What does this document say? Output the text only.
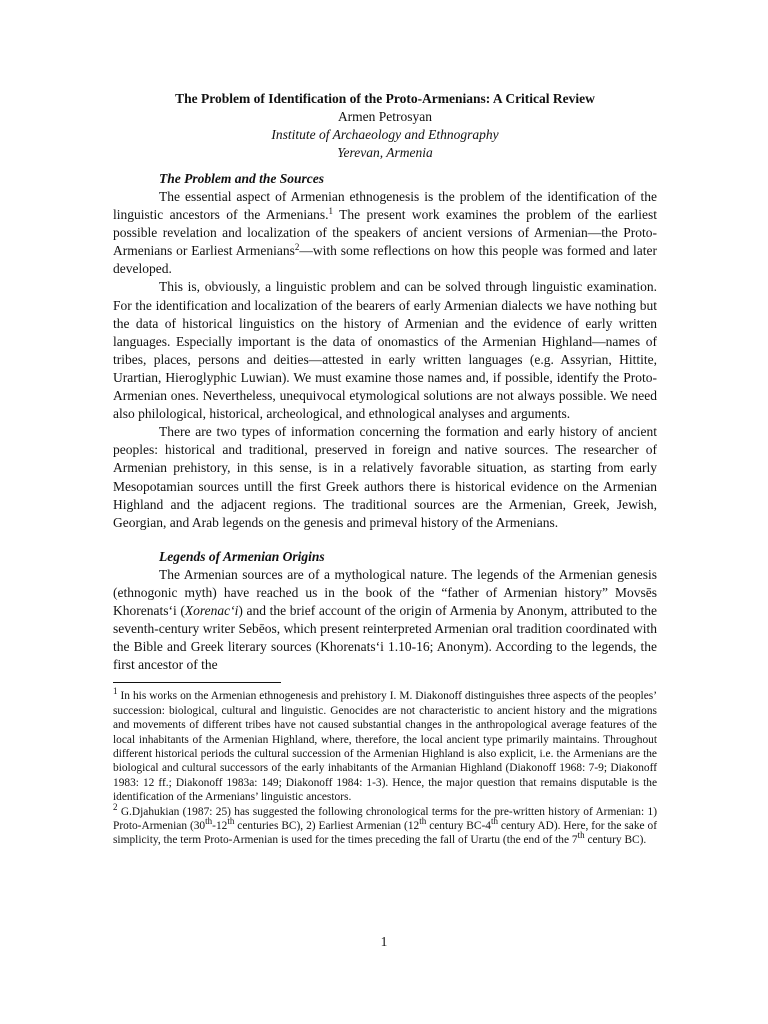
The Problem of Identification of the Proto-Armenians: A Critical Review
Armen Petrosyan
Institute of Archaeology and Ethnography
Yerevan, Armenia
The Problem and the Sources

The essential aspect of Armenian ethnogenesis is the problem of the identification of the linguistic ancestors of the Armenians.$^1$ The present work examines the problem of the earliest possible revelation and localization of the speakers of ancient versions of Armenian—the Proto-Armenians or Earliest Armenians$^2$—with some reflections on how this people was formed and later developed.

This is, obviously, a linguistic problem and can be solved through linguistic examination. For the identification and localization of the bearers of early Armenian dialects we have nothing but the data of historical linguistics on the history of Armenian and the evidence of early written languages. Especially important is the data of onomastics of the Armenian Highland—names of tribes, places, persons and deities—attested in early written languages (e.g. Assyrian, Hittite, Urartian, Hieroglyphic Luwian). We must examine those names and, if possible, identify the Proto-Armenian ones. Nevertheless, unequivocal etymological solutions are not always possible. We need also philological, historical, archeological, and ethnological analyses and arguments.

There are two types of information concerning the formation and early history of ancient peoples: historical and traditional, preserved in foreign and native sources. The researcher of Armenian prehistory, in this sense, is in a relatively favorable situation, as starting from early Mesopotamian sources untill the first Greek authors there is historical evidence on the Armenian Highland and the adjacent regions. The traditional sources are the Armenian, Greek, Jewish, Georgian, and Arab legends on the genesis and primeval history of the Armenians.

Legends of Armenian Origins

The Armenian sources are of a mythological nature. The legends of the Armenian genesis (ethnogonic myth) have reached us in the book of the “father of Armenian history” Movsēs Khorenats‘i (Xorenac‘i) and the brief account of the origin of Armenia by Anonym, attributed to the seventh-century writer Sebēos, which present reinterpreted Armenian oral tradition coordinated with the Bible and Greek literary sources (Khorenats‘i 1.10-16; Anonym). According to the legends, the first ancestor of the

$^1$ In his works on the Armenian ethnogenesis and prehistory I. M. Diakonoff distinguishes three aspects of the peoples’ succession: biological, cultural and linguistic. Genocides are not characteristic to ancient history and the migrations and movements of different tribes have not caused substantial changes in the anthropological average features of the local inhabitants of the Armenian Highland, where, therefore, the local ancient type primarily maintains. Throughout different historical periods the cultural succession of the Armenian Highland is also explicit, i.e. the Armenians are the biological and cultural successors of the early inhabitants of the Armanian Highland (Diakonoff 1968: 7-9; Diakonoff 1983: 12 ff.; Diakonoff 1983a: 149; Diakonoff 1984: 1-3). Hence, the major question that remains disputable is the identification of the Armenians’ linguistic ancestors.

$^2$ G.Djahukian (1987: 25) has suggested the following chronological terms for the pre-written history of Armenian: 1) Proto-Armenian (30th-12th centuries BC), 2) Earliest Armenian (12th century BC-4th century AD). Here, for the sake of simplicity, the term Proto-Armenian is used for the times preceding the fall of Urartu (the end of the 7th century BC).

1
